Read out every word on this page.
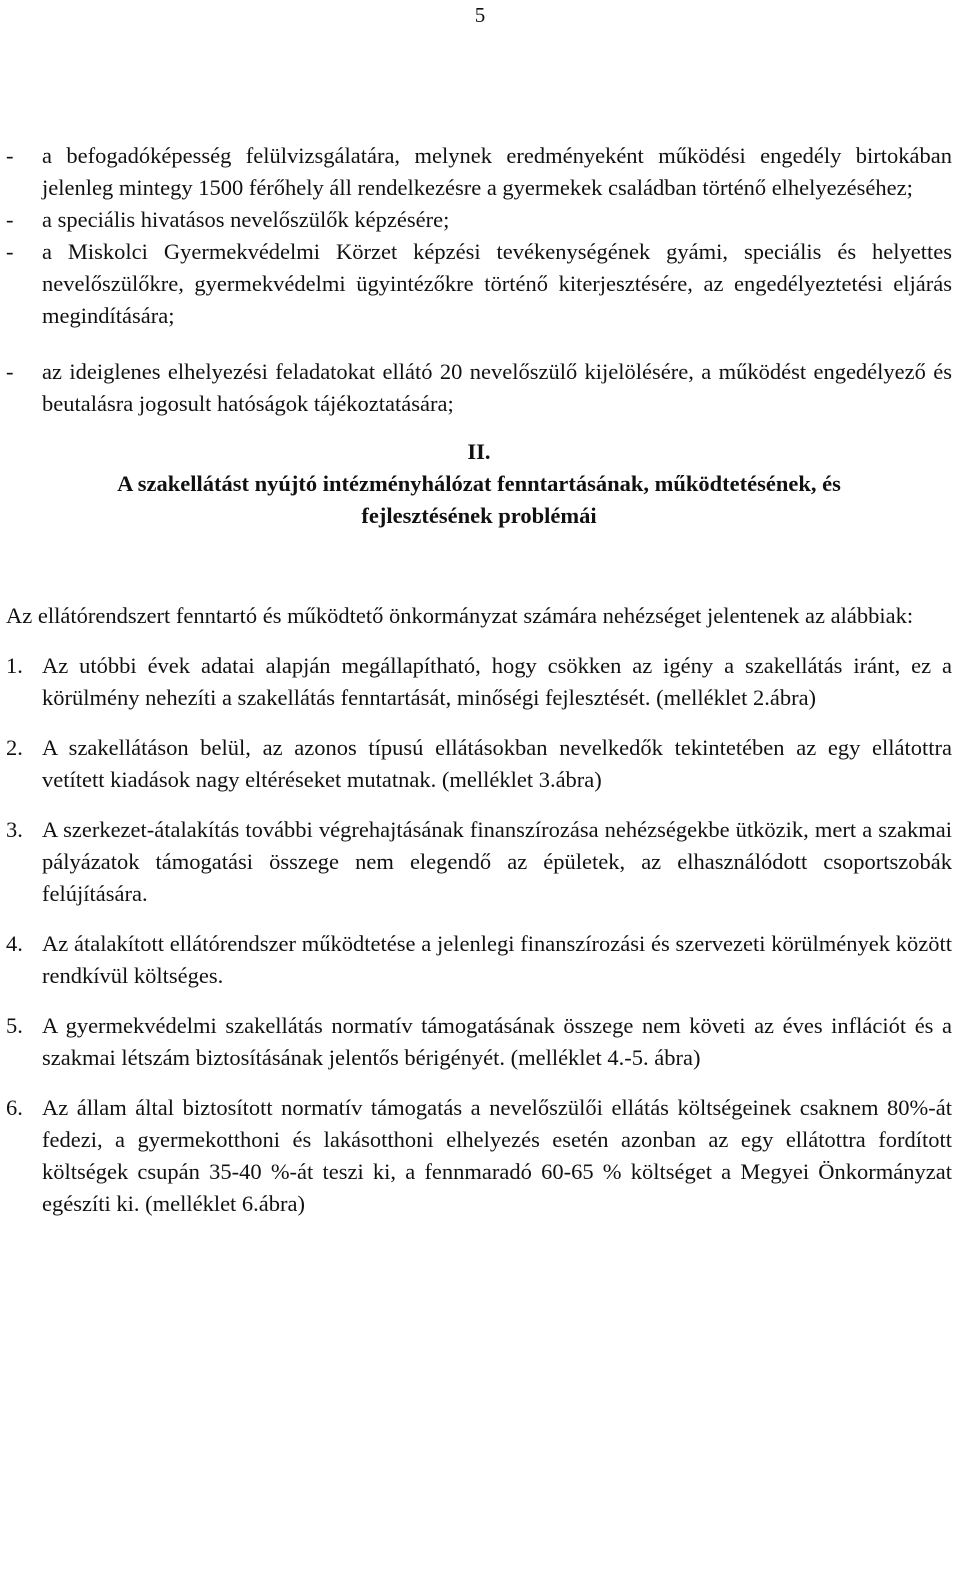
5
-	a befogadóképesség felülvizsgálatára, melynek eredményeként működési engedély birtokában jelenleg mintegy 1500 férőhely áll rendelkezésre a gyermekek családban történő elhelyezéséhez;
-	a speciális hivatásos nevelőszülők képzésére;
-	a Miskolci Gyermekvédelmi Körzet képzési tevékenységének gyámi, speciális és helyettes nevelőszülőkre, gyermekvédelmi ügyintézőkre történő kiterjesztésére, az engedélyeztetési eljárás megindítására;
-	az ideiglenes elhelyezési feladatokat ellátó 20 nevelőszülő kijelölésére, a működést engedélyező és beutalásra jogosult hatóságok tájékoztatására;
II.
A szakellátást nyújtó intézményhálózat fenntartásának, működtetésének, és
fejlesztésének problémái
Az ellátórendszert fenntartó és működtető önkormányzat számára nehézséget jelentenek az alábbiak:
1. Az utóbbi évek adatai alapján megállapítható, hogy csökken az igény a szakellátás iránt, ez a körülmény nehezíti a szakellátás fenntartását, minőségi fejlesztését. (melléklet 2.ábra)
2. A szakellátáson belül, az azonos típusú ellátásokban nevelkedők tekintetében az egy ellátottra vetített kiadások nagy eltéréseket mutatnak. (melléklet 3.ábra)
3. A szerkezet-átalakítás további végrehajtásának finanszírozása nehézségekbe ütközik, mert a szakmai pályázatok támogatási összege nem elegendő az épületek, az elhasználódott csoportszobák felújítására.
4. Az átalakított ellátórendszer működtetése a jelenlegi finanszírozási és szervezeti körülmények között rendkívül költséges.
5. A gyermekvédelmi szakellátás normatív támogatásának összege nem követi az éves inflációt és a szakmai létszám biztosításának jelentős bérigényét. (melléklet 4.-5. ábra)
6. Az állam által biztosított normatív támogatás a nevelőszülői ellátás költségeinek csaknem 80%-át fedezi, a gyermekotthoni és lakásotthoni elhelyezés esetén azonban az egy ellátottra fordított költségek csupán 35-40 %-át teszi ki, a fennmaradó 60-65 % költséget a Megyei Önkormányzat egészíti ki. (melléklet 6.ábra)
